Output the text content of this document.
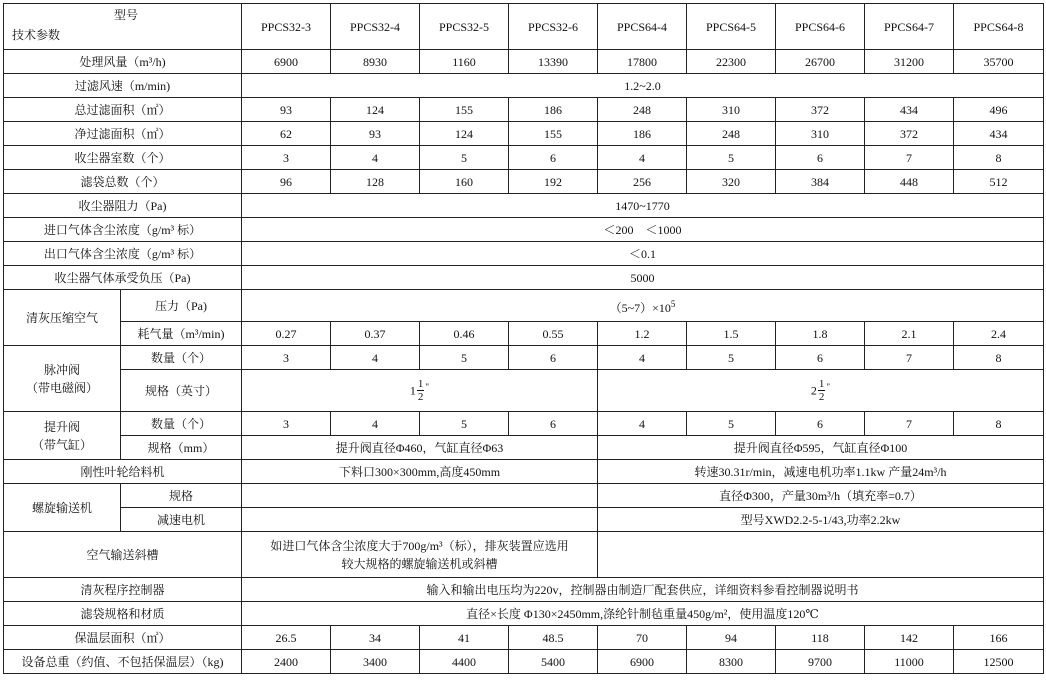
型号
技术参数		PPCS32-3	PPCS32-4	PPCS32-5	PPCS32-6	PPCS64-4	PPCS64-5	PPCS64-6	PPCS64-7	PPCS64-8
处理风量（m³/h)		6900	8930	1160	13390	17800	22300	26700	31200	35700
过滤风速（m/min)		1.2~2.0								
总过滤面积（㎡）		93	124	155	186	248	310	372	434	496
净过滤面积（㎡）		62	93	124	155	186	248	310	372	434
收尘器室数（个）		3	4	5	6	4	5	6	7	8
滤袋总数（个）		96	128	160	192	256	320	384	448	512
收尘器阻力（Pa)		1470~1770								
进口气体含尘浓度（g/m³ 标）		＜200　＜1000								
出口气体含尘浓度（g/m³ 标）		＜0.1								
收尘器气体承受负压（Pa)		5000								
清灰压缩空气	压力（Pa)	$(5\sim 7)\times 10^5$
	耗气量（m³/min)	0.27	0.37	0.46	0.55	1.2	1.5	1.8	2.1	2.4

脉冲阀
（带电磁阀）	数量（个）	3	4	5	6	4	5	6	7	8
	规格（英寸）	$1 \frac{1}{2} ^"$				$2 \frac{1}{2} ^"$

提升阀
（带气缸）	数量（个）	3	4	5	6	4	5	6	7	8
	规格（mm）	提升阀直径Φ460，气缸直径Φ63				提升阀直径Φ595，气缸直径Φ100				
刚性叶轮给料机		下料口300×300mm,高度450mm				转速30.31r/min，减速电机功率1.1kw 产量24m³/h				
螺旋输送机	规格					直径Φ300，产量30m³/h（填充率=0.7）				
	减速电机					型号XWD2.2-5-1/43,功率2.2kw				
空气输送斜槽		如进口气体含尘浓度大于700g/m³（标），排灰装置应选用
较大规格的螺旋输送机或斜槽								

清灰程序控制器		输入和输出电压均为220v，控制器由制造厂配套供应，详细资料参看控制器说明书								
滤袋规格和材质		直径×长度 Φ130×2450mm,涤纶针制毡重量450g/m²，使用温度120℃								
保温层面积（㎡）		26.5	34	41	48.5	70	94	118	142	166
设备总重（约值、不包括保温层）（kg)		2400	3400	4400	5400	6900	8300	9700	11000	12500
